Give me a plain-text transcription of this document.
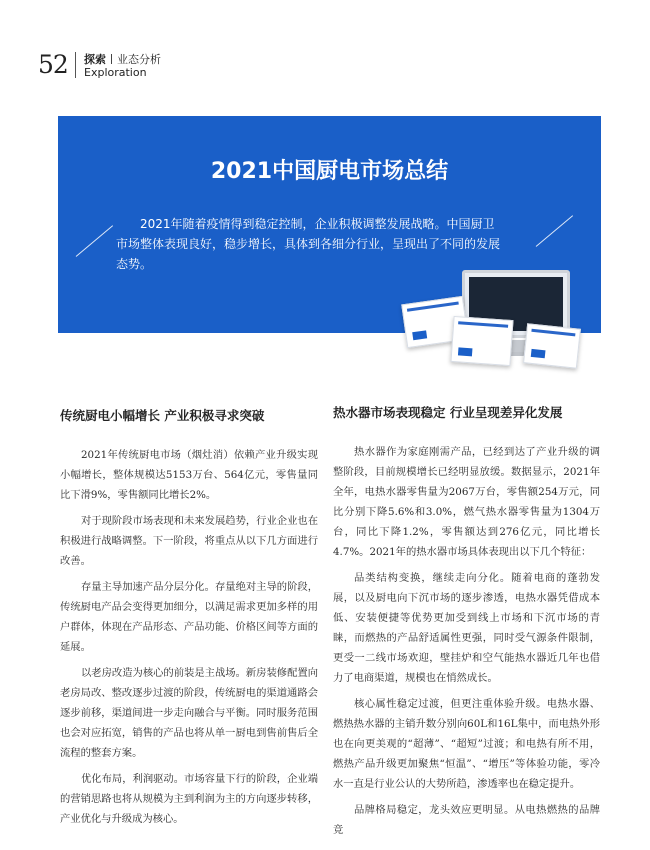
52 探索 业态分析
Exploration
2021中国厨电市场总结
2021年随着疫情得到稳定控制，企业积极调整发展战略。中国厨卫市场整体表现良好，稳步增长，具体到各细分行业，呈现出了不同的发展态势。
传统厨电小幅增长 产业积极寻求突破

2021年传统厨电市场（烟灶消）依赖产业升级实现小幅增长，整体规模达5153万台、564亿元，零售量同比下滑9%，零售额同比增长2%。

对于现阶段市场表现和未来发展趋势，行业企业也在积极进行战略调整。下一阶段，将重点从以下几方面进行改善。

存量主导加速产品分层分化。存量绝对主导的阶段，传统厨电产品会变得更加细分，以满足需求更加多样的用户群体，体现在产品形态、产品功能、价格区间等方面的延展。

以老房改造为核心的前装是主战场。新房装修配置向老房局改、整改逐步过渡的阶段，传统厨电的渠道通路会逐步前移，渠道间进一步走向融合与平衡。同时服务范围也会对应拓宽，销售的产品也将从单一厨电到售前售后全流程的整套方案。

优化布局，利润驱动。市场容量下行的阶段，企业端的营销思路也将从规模为主到利润为主的方向逐步转移，产业优化与升级成为核心。

热水器市场表现稳定 行业呈现差异化发展

热水器作为家庭刚需产品，已经到达了产业升级的调整阶段，目前规模增长已经明显放缓。数据显示，2021年全年，电热水器零售量为2067万台，零售额254万元，同比分别下降5.6%和3.0%，燃气热水器零售量为1304万台，同比下降1.2%，零售额达到276亿元，同比增长4.7%。2021年的热水器市场具体表现出以下几个特征：

品类结构变换，继续走向分化。随着电商的蓬勃发展，以及厨电向下沉市场的逐步渗透，电热水器凭借成本低、安装便捷等优势更加受到线上市场和下沉市场的青睐，而燃热的产品舒适属性更强，同时受气源条件限制，更受一二线市场欢迎，壁挂炉和空气能热水器近几年也借力了电商渠道，规模也在悄然成长。

核心属性稳定过渡，但更注重体验升级。电热水器、燃热热水器的主销升数分别向60L和16L集中，而电热外形也在向更美观的“超薄”、“超短”过渡；和电热有所不用，燃热产品升级更加聚焦“恒温”、“增压”等体验功能，零冷水一直是行业公认的大势所趋，渗透率也在稳定提升。

品牌格局稳定，龙头效应更明显。从电热燃热的品牌竞
